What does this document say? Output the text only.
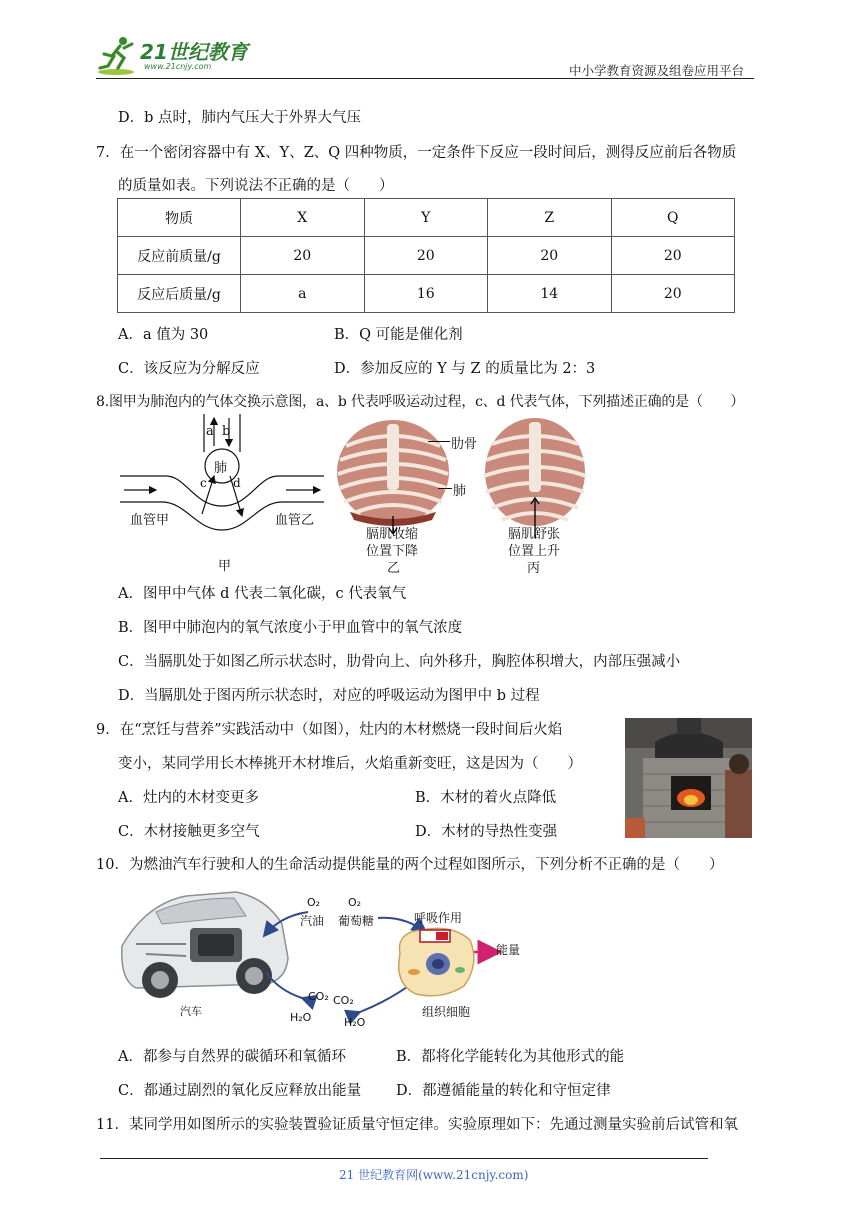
21世纪教育
www.21cnjy.com	中小学教育资源及组卷应用平台
D．b 点时，肺内气压大于外界大气压
7．在一个密闭容器中有 X、Y、Z、Q 四种物质，一定条件下反应一段时间后，测得反应前后各物质
的质量如表。下列说法不正确的是（　　）
物质	X	Y	Z	Q
反应前质量/g	20	20	20	20
反应后质量/g	a	16	14	20
A．a 值为 30	B．Q 可能是催化剂
C．该反应为分解反应	D．参加反应的 Y 与 Z 的质量比为 2：3
8.图甲为肺泡内的气体交换示意图，a、b 代表呼吸运动过程，c、d 代表气体，下列描述正确的是（　　）
a b
肺
c d
血管甲	血管乙
甲
肋骨
肺
膈肌收缩
位置下降
乙
膈肌舒张
位置上升
丙
A．图甲中气体 d 代表二氧化碳，c 代表氧气
B．图甲中肺泡内的氧气浓度小于甲血管中的氧气浓度
C．当膈肌处于如图乙所示状态时，肋骨向上、向外移升，胸腔体积增大，内部压强减小
D．当膈肌处于图丙所示状态时，对应的呼吸运动为图甲中 b 过程
9．在“烹饪与营养”实践活动中（如图），灶内的木材燃烧一段时间后火焰
变小，某同学用长木棒挑开木材堆后，火焰重新变旺，这是因为（　　）
A．灶内的木材变更多	B．木材的着火点降低
C．木材接触更多空气	D．木材的导热性变强
10．为燃油汽车行驶和人的生命活动提供能量的两个过程如图所示，下列分析不正确的是（　　）
汽车
O₂
汽油
O₂
葡萄糖	呼吸作用
能量
CO₂ CO₂
H₂O	H₂O
组织细胞
A．都参与自然界的碳循环和氧循环	B．都将化学能转化为其他形式的能
C．都通过剧烈的氧化反应释放出能量 D．都遵循能量的转化和守恒定律
11．某同学用如图所示的实验装置验证质量守恒定律。实验原理如下：先通过测量实验前后试管和氧
21 世纪教育网(www.21cnjy.com)
